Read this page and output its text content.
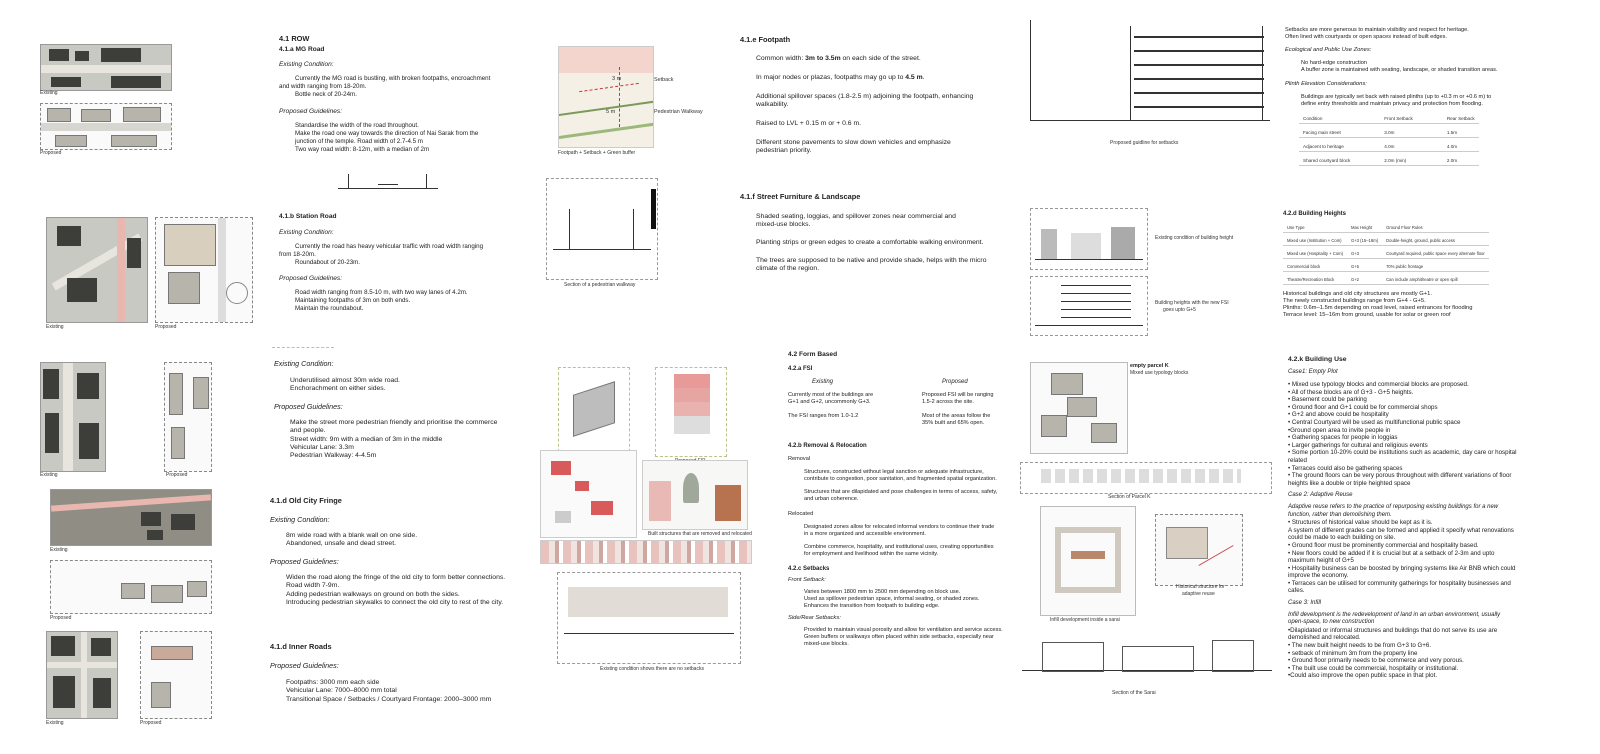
Existing
Proposed
Existing	Proposed
Existing	Proposed
Existing
Proposed
Existing	Proposed

4.1 ROW

4.1.a MG Road

Existing Condition:

Currently the MG road is bustling, with broken footpaths, encroachment

and width ranging from 18-20m.

Bottle neck of 20-24m.

Proposed Guidelines:

Standardise the width of the road throughout.

Make the road one way towards the direction of Nai Sarak from the

junction of the temple. Road width of 2.7-4.5 m

Two way road width: 8-12m, with a median of 2m

4.1.b Station Road

Existing Condition:

Currently the road has heavy vehicular traffic with road width ranging

from 18-20m.

Roundabout of 20-23m.

Proposed Guidelines:

Road width ranging from 8.5-10 m, with two way lanes of 4.2m.

Maintaining footpaths of 3m on both ends.

Maintain the roundabout.

Existing Condition:

Underutilised almost 30m wide road.

Enchorachment on either sides.

Proposed Guidelines:

Make the street more pedestrian friendly and prioritise the commerce

and people.

Street width: 9m with a median of 3m in the middle

Vehicular Lane: 3.3m

Pedestrian Walkway: 4-4.5m

4.1.d Old City Fringe

Existing Condition:

8m wide road with a blank wall on one side.

Abandoned, unsafe and dead street.

Proposed Guidelines:

Widen the road along the fringe of the old city to form better connections.

Road width 7-9m.

Adding pedestrian walkways on ground on both the sides.

Introducing pedestrian skywalks to connect the old city to rest of the city.

4.1.d Inner Roads

Proposed Guidelines:

Footpaths: 3000 mm each side

Vehicular Lane: 7000–8000 mm total

Transitional Space / Setbacks / Courtyard Frontage: 2000–3000 mm

3 m
5 m
Setback
Pedestrian Walkway
Footpath + Setback + Green buffer
Section of a pedestrian walkway
Built structures that are removed and relocated
Existing condition shows there are no setbacks

4.1.e Footpath

Common width: 3m to 3.5m on each side of the street.

In major nodes or plazas, footpaths may go up to 4.5 m.

Additional spillover spaces (1.8-2.5 m) adjoining the footpath, enhancing

walkability.

Raised to LVL + 0.15 m or + 0.6 m.

Different stone pavements to slow down vehicles and emphasize

pedestrian priority.

4.1.f Street Furniture & Landscape

Shaded seating, loggias, and spillover zones near commercial and

mixed-use blocks.

Planting strips or green edges to create a comfortable walking environment.

The trees are supposed to be native and provide shade, helps with the micro

climate of the region.

4.2 Form Based

4.2.a FSI

Existing	Proposed

Currently most of the buildings are

G+1 and G+2, uncommonly G+3.

The FSI ranges from 1.0-1.2

Proposed FSI will be ranging

1.5-2 across the site.

Most of the areas follow the

35% built and 65% open.

4.2.b Removal & Relocation

Removal

Structures, constructed without legal sanction or adequate infrastructure,

contribute to congestion, poor sanitation, and fragmented spatial organization.

Structures that are dilapidated and pose challenges in terms of access, safety,

and urban coherence.

Relocated

Designated zones allow for relocated informal vendors to continue their trade

in a more organized and accessible environment.

Combine commerce, hospitality, and institutional uses, creating opportunities

for employment and livelihood within the same vicinity.

4.2.c Setbacks

Front Setback:

Varies between 1800 mm to 2500 mm depending on block use.

Used as spillover pedestrian space, informal seating, or shaded zones.

Enhances the transition from footpath to building edge.

Side/Rear Setbacks:

Provided to maintain visual porosity and allow for ventilation and service access.

Green buffers or walkways often placed within side setbacks, especially near

mixed-use blocks.

Proposed guidline for setbacks
Existing condition of building height
Building heights with the new FSI
goes upto G+5
empty parcel K
Mixed use typology blocks
Section of Parcel K
Infill development inside a sarai
Historical structure for
adaptive reuse
Section of the Sarai

Setbacks are more generous to maintain visibility and respect for heritage.

Often lined with courtyards or open spaces instead of built edges.

Ecological and Public Use Zones:

No hard-edge construction

A buffer zone is maintained with seating, landscape, or shaded transition areas.

Plinth Elevation Considerations:

Buildings are typically set back with raised plinths (up to +0.3 m or +0.6 m) to

define entry thresholds and maintain privacy and protection from flooding.

Condition	Front Setback	Rear Setback
Facing main street	3.0m	1.5m
Adjacent to heritage	4.0m	4.0m
Shared courtyard block	2.0m (min)	2.0m

4.2.d Building Heights

Use Type	Max Height	Ground Floor Rules
Mixed use (Institution + Com)	G+3 (15–18m)	Double-height, ground, public access
Mixed use (Hospitality + Com)	G+3	Courtyard required, public space every alternate floor
Commercial block	G+5	70% public frontage
Theatre/Recreation Block	G+2	Can include amphitheatre or open spill

Historical buildings and old city structures are mostly G+1.

The newly constructed buildings range from G+4 - G+5.

Plinths: 0.6m–1.5m depending on road level, raised entrances for flooding

Terrace level: 15–16m from ground, usable for solar or green roof

4.2.k Building Use

Case1: Empty Plot

• Mixed use typology blocks and commercial blocks are proposed.
• All of these blocks are of G+3 - G+5 heights.
• Basement could be parking
• Ground floor and G+1 could be for commercial shops
• G+2 and above could be hospitality
• Central Courtyard will be used as multifunctional public space
•Ground open area to invite people in
• Gathering spaces for people in loggias
• Larger gatherings for cultural and religious events
• Some portion 10-20% could be institutions such as academic, day care or hospital
related
• Terraces could also be gathering spaces
• The ground floors can be very porous throughout with different variations of floor
heights like a double or triple heighted space

Case 2: Adaptive Reuse

Adaptive reuse refers to the practice of repurposing existing buildings for a new

function, rather than demolishing them.

• Structures of historical value should be kept as it is.
A system of different grades can be formed and applied it specify what renovations
could be made to each building on site.
• Ground floor must be prominently commercial and hospitality based.
• New floors could be added if it is crucial but at a setback of 2-3m and upto
maximum height of G+5
• Hospitality business can be boosted by bringing systems like Air BNB which could
improve the economy.
• Terraces can be utilised for community gatherings for hospitality businesses and
cafes.

Case 3: Infill

Infill development is the redevelopment of land in an urban environment, usually

open-space, to new construction

•Dilapidated or informal structures and buildings that do not serve its use are
demolished and relocated.
• The new built height needs to be from G+3 to G+6.
• setback of minimum 3m from the property line
• Ground floor primarily needs to be commerce and very porous.
• The built use could be commercial, hospitality or institutional.
•Could also improve the open public space in that plot.
